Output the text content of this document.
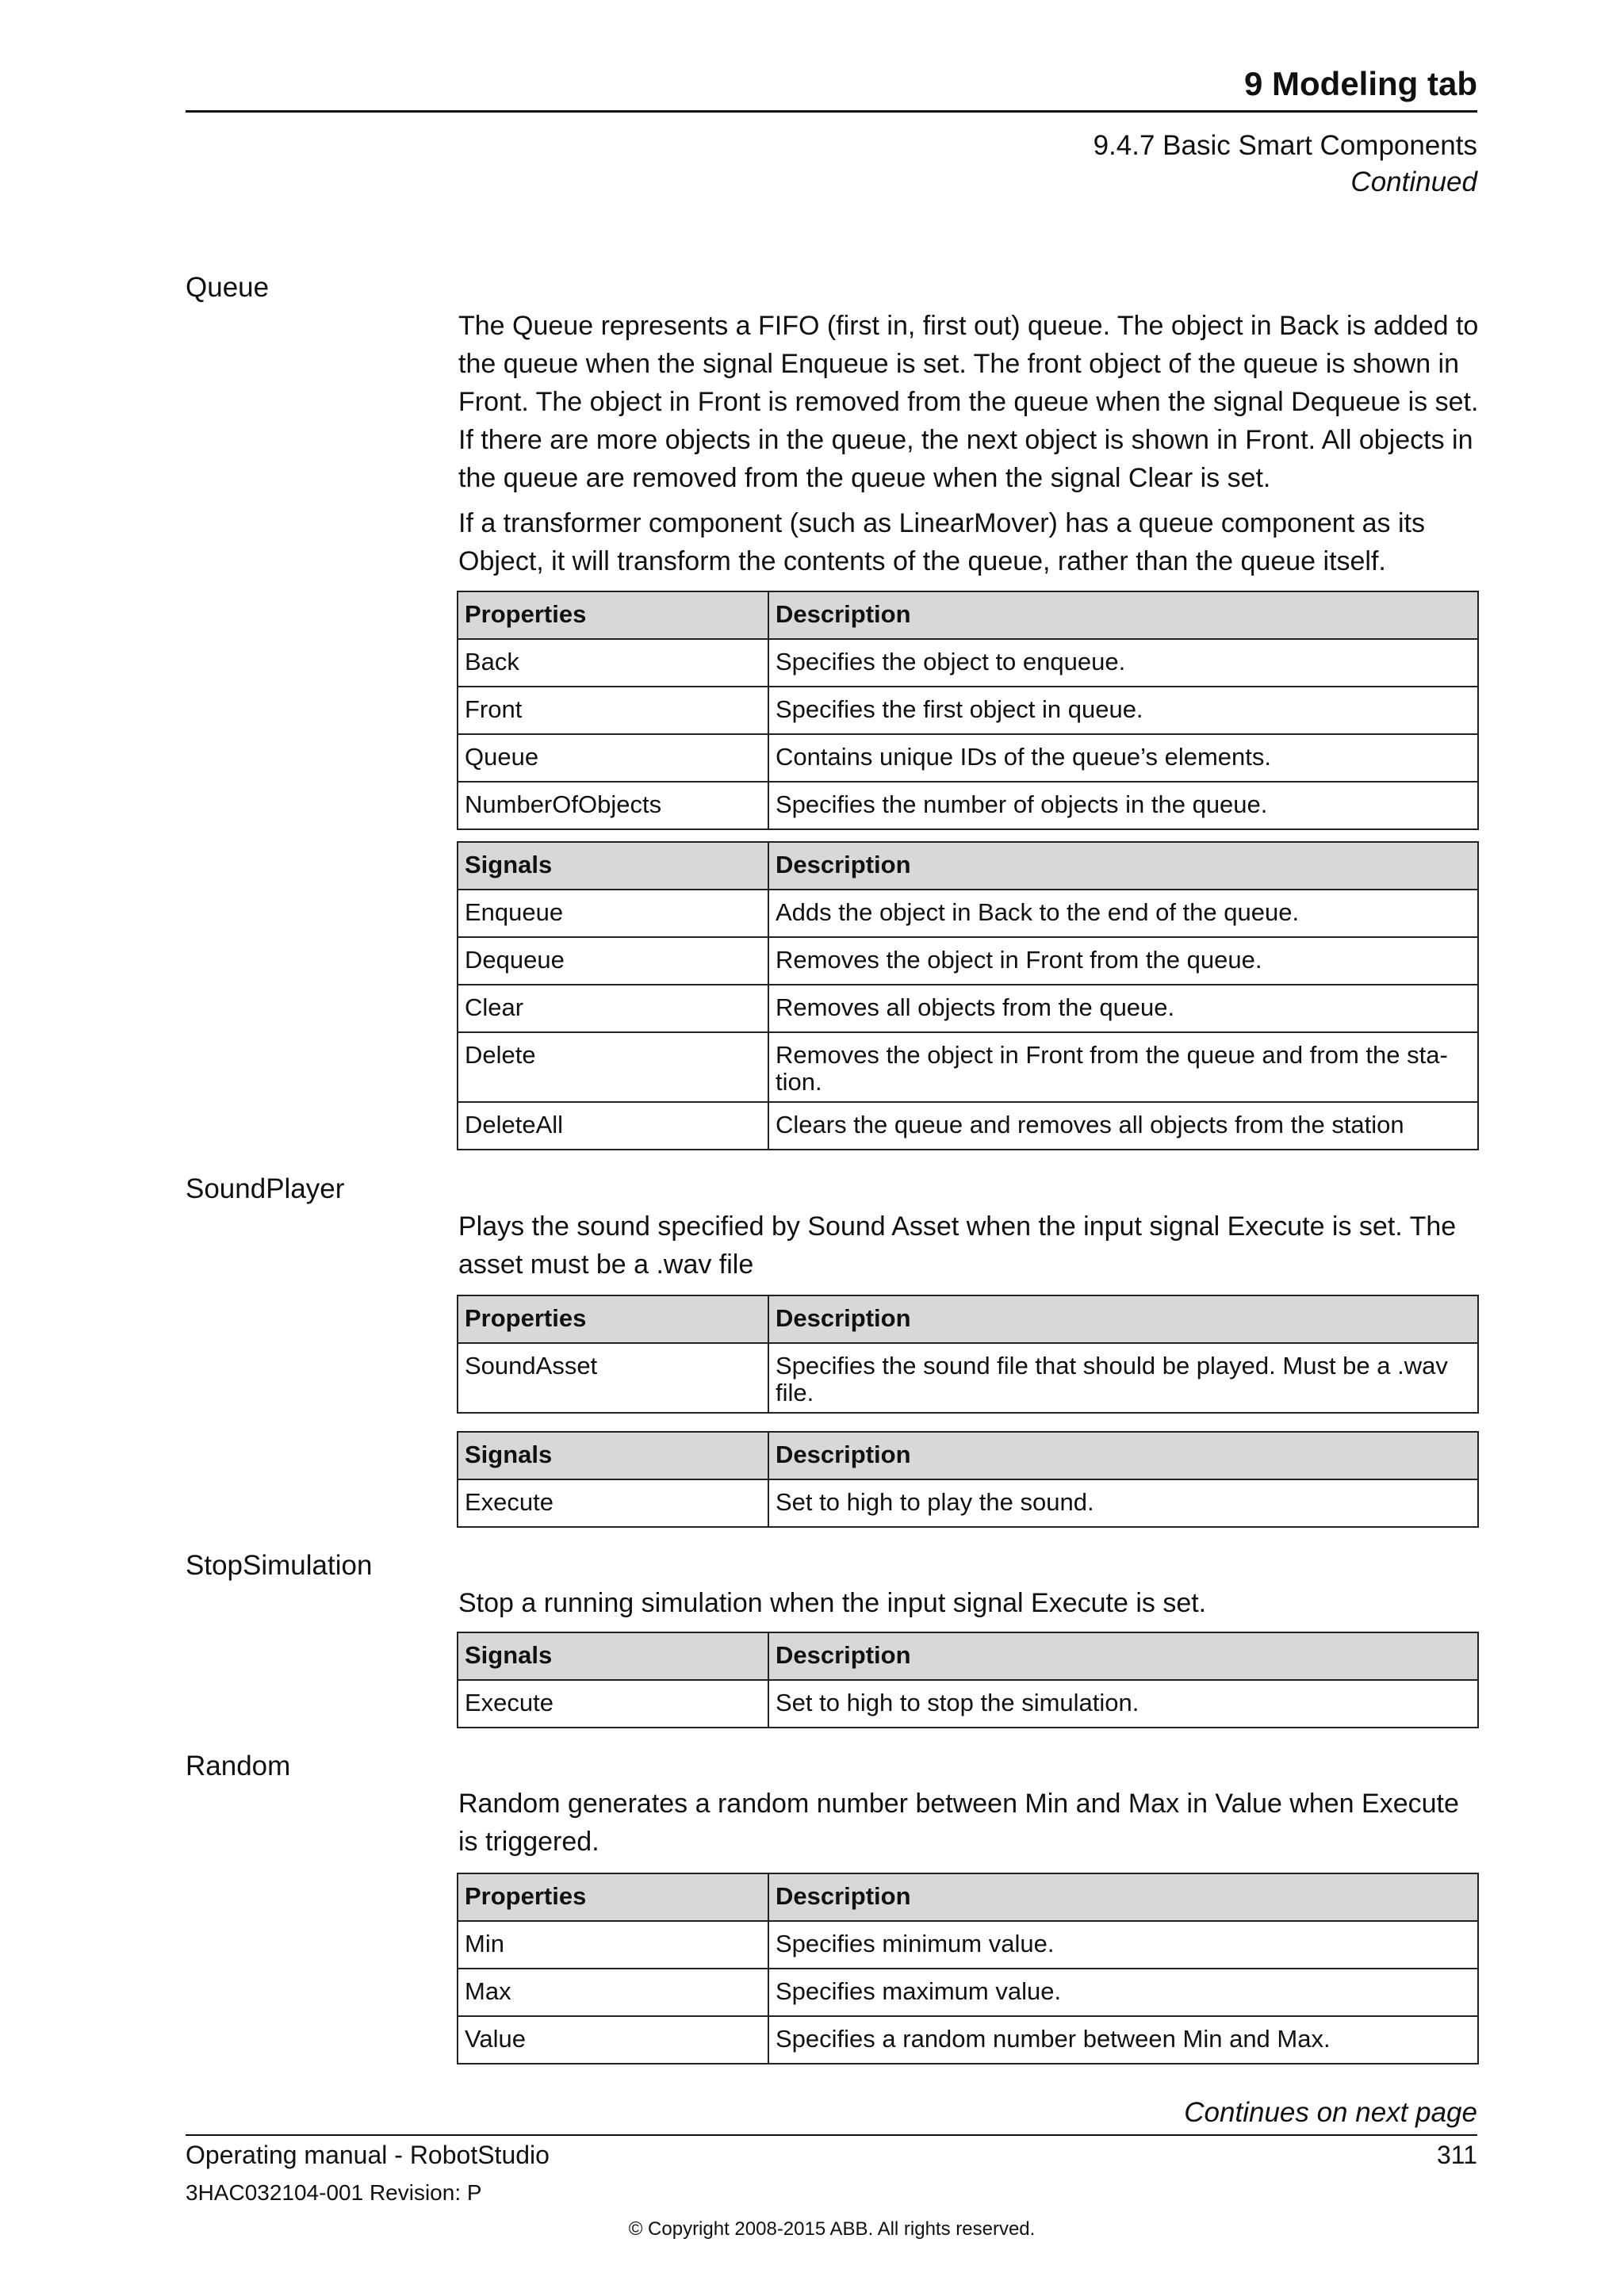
9 Modeling tab
9.4.7 Basic Smart Components
Continued
Queue

The Queue represents a FIFO (first in, first out) queue. The object in Back is added to the queue when the signal Enqueue is set. The front object of the queue is shown in Front. The object in Front is removed from the queue when the signal Dequeue is set. If there are more objects in the queue, the next object is shown in Front. All objects in the queue are removed from the queue when the signal Clear is set.

If a transformer component (such as LinearMover) has a queue component as its Object, it will transform the contents of the queue, rather than the queue itself.

Properties	Description
Back	Specifies the object to enqueue.
Front	Specifies the first object in queue.
Queue	Contains unique IDs of the queue’s elements.
NumberOfObjects	Specifies the number of objects in the queue.
Signals	Description
Enqueue	Adds the object in Back to the end of the queue.
Dequeue	Removes the object in Front from the queue.
Clear	Removes all objects from the queue.
Delete	Removes the object in Front from the queue and from the sta-tion.
DeleteAll	Clears the queue and removes all objects from the station
SoundPlayer

Plays the sound specified by Sound Asset when the input signal Execute is set. The asset must be a .wav file

Properties	Description
SoundAsset	Specifies the sound file that should be played. Must be a .wav file.
Signals	Description
Execute	Set to high to play the sound.
StopSimulation

Stop a running simulation when the input signal Execute is set.

Signals	Description
Execute	Set to high to stop the simulation.
Random

Random generates a random number between Min and Max in Value when Execute is triggered.

Properties	Description
Min	Specifies minimum value.
Max	Specifies maximum value.
Value	Specifies a random number between Min and Max.
Continues on next page
Operating manual - RobotStudio	311
3HAC032104-001 Revision: P
© Copyright 2008-2015 ABB. All rights reserved.
